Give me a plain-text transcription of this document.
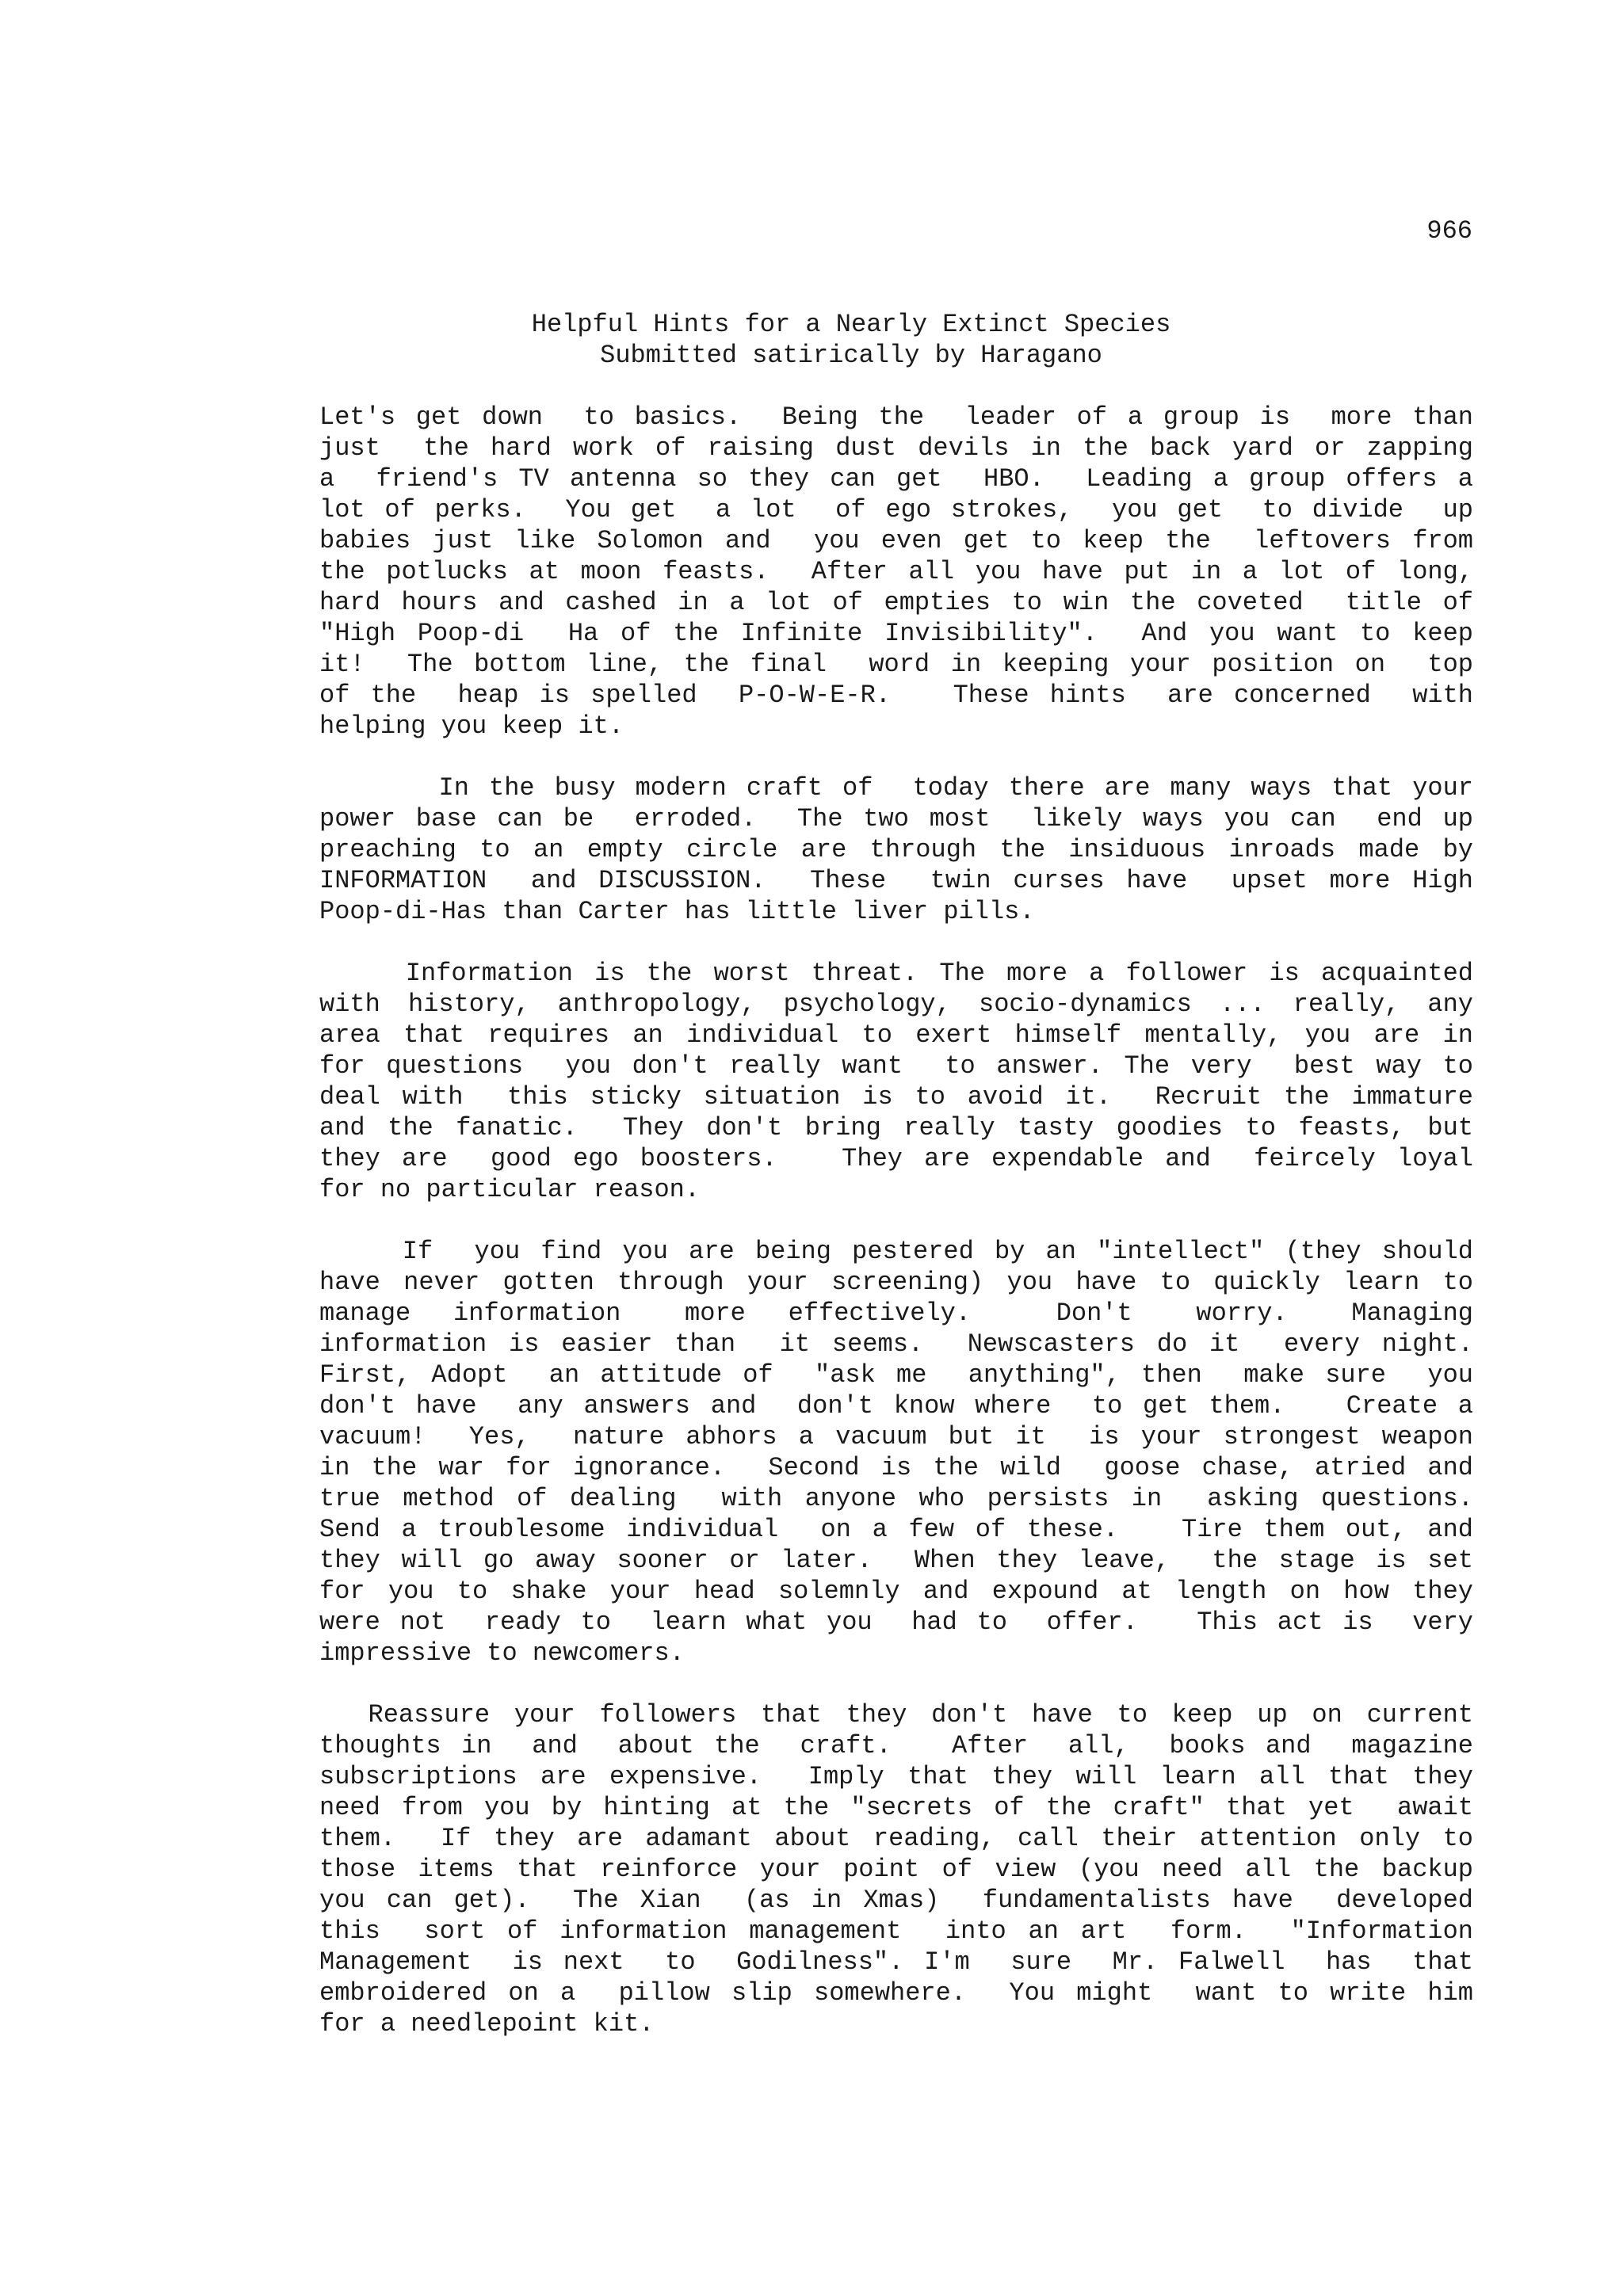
966
Helpful Hints for a Nearly Extinct Species
Submitted satirically by Haragano
Let's get down  to basics.  Being the  leader of a group is  more than
just  the hard work of raising dust devils in the back yard or zapping
a  friend's TV antenna so they can get  HBO.  Leading a group offers a
lot of perks.  You get  a lot  of ego strokes,  you get  to divide  up
babies just like Solomon and  you even get to keep the  leftovers from
the potlucks at moon feasts.  After all you have put in a lot of long,
hard hours and cashed in a lot of empties to win the coveted  title of
"High Poop-di  Ha of the Infinite Invisibility".  And you want to keep
it!  The bottom line, the final  word in keeping your position on  top
of the  heap is spelled  P-O-W-E-R.   These hints  are concerned  with
helping you keep it.
In the busy modern craft of  today there are many ways that your
power base can be  erroded.  The two most  likely ways you can  end up
preaching to an empty circle are through the insiduous inroads made by
INFORMATION  and DISCUSSION.  These  twin curses have  upset more High
Poop-di-Has than Carter has little liver pills.
Information is the worst threat. The more a follower is acquainted
with history, anthropology, psychology, socio-dynamics ... really, any
area that requires an individual to exert himself mentally, you are in
for questions  you don't really want  to answer. The very  best way to
deal with  this sticky situation is to avoid it.  Recruit the immature
and the fanatic.  They don't bring really tasty goodies to feasts, but
they are  good ego boosters.   They are expendable and  feircely loyal
for no particular reason.
If  you find you are being pestered by an "intellect" (they should
have never gotten through your screening) you have to quickly learn to
manage  information   more  effectively.    Don't   worry.   Managing
information is easier than  it seems.  Newscasters do it  every night.
First, Adopt  an attitude of  "ask me  anything", then  make sure  you
don't have  any answers and  don't know where  to get them.   Create a
vacuum!  Yes,  nature abhors a vacuum but it  is your strongest weapon
in the war for ignorance.  Second is the wild  goose chase, atried and
true method of dealing  with anyone who persists in  asking questions.
Send a troublesome individual  on a few of these.   Tire them out, and
they will go away sooner or later.  When they leave,  the stage is set
for you to shake your head solemnly and expound at length on how they
were not  ready to  learn what you  had to  offer.   This act is  very
impressive to newcomers.
Reassure your followers that they don't have to keep up on current
thoughts in  and  about the  craft.   After  all,  books and  magazine
subscriptions are expensive.  Imply that they will learn all that they
need from you by hinting at the "secrets of the craft" that yet  await
them.  If they are adamant about reading, call their attention only to
those items that reinforce your point of view (you need all the backup
you can get).  The Xian  (as in Xmas)  fundamentalists have  developed
this  sort of information management  into an art  form.  "Information
Management  is next  to  Godilness". I'm  sure  Mr. Falwell  has  that
embroidered on a  pillow slip somewhere.  You might  want to write him
for a needlepoint kit.
